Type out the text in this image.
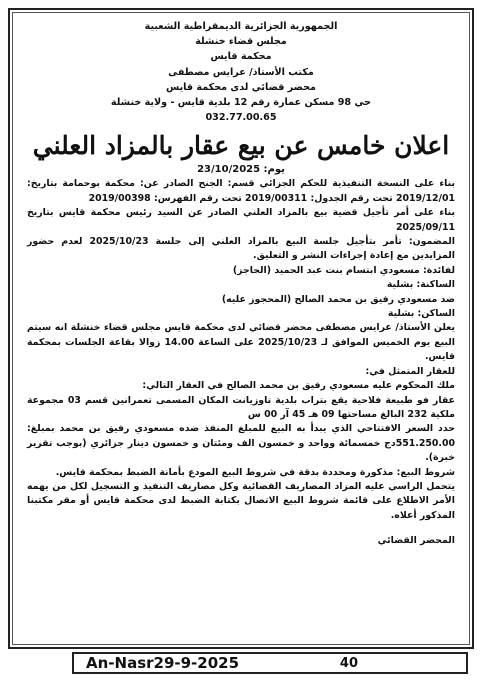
الجمهورية الجزائرية الديمقراطية الشعبية
مجلس قضاء خنشلة
محكمة قايس
مكتب الأستاذ/ عرايس مصطفى
محضر قضائي لدى محكمة قايس
حي 98 مسكن عمارة رقم 12 بلدية قايس - ولاية خنشلة
032.77.00.65
اعلان خامس عن بيع عقار بالمزاد العلني
يوم: 23/10/2025

بناء على النسخة التنفيذية للحكم الجزائي قسم: الجنح الصادر عن: محكمة بوحمامة بتاريخ: 2019/12/01 تحت رقم الجدول: 2019/00311 تحت رقم الفهرس: 2019/00398

بناء على أمر تأجيل قضية بيع بالمزاد العلني الصادر عن السيد رئيس محكمة قايس بتاريخ 2025/09/11

المضمون: تأمر بتأجيل جلسة البيع بالمزاد العلني إلى جلسة 2025/10/23 لعدم حضور المزايدين مع إعادة إجراءات النشر و التعليق.

لفائدة: مسعودي ابتسام بنت عبد الحميد (الحاجز)

الساكنة: بشلية

ضد مسعودي رفيق بن محمد الصالح (المحجوز عليه)

الساكن: بشلية

يعلن الأستاذ/ عرايس مصطفى محضر قضائي لدى محكمة قايس مجلس قضاء خنشلة انه سيتم البيع يوم الخميس الموافق لـ 2025/10/23 على الساعة 14.00 زوالا بقاعة الجلسات بمحكمة قايس.

للعقار المتمثل في:

ملك المحكوم عليه مسعودي رفيق بن محمد الصالح في العقار التالي:

عقار فو طبيعة فلاحية يقع بتراب بلدية تاوزيانت المكان المسمى تعمرانين قسم 03 مجموعة ملكية 232 البالغ مساحتها 09 هـ 45 آر 00 س

حدد السعر الافتتاحي الذي يبدأ به البيع للمبلغ المنفذ ضده مسعودي رفيق بن محمد بمبلغ: 551.250.00دج خمسمائة وواحد و خمسون الف ومئتان و خمسون دينار جزائري (بوجب تقرير خبرة).

شروط البيع: مذكورة ومحددة بدقة في شروط البيع المودع بأمانة الضبط بمحكمة قايس.

يتحمل الراسي عليه المزاد المصاريف القضائية وكل مصاريف التنفيذ و التسجيل لكل من يهمه الأمر الاطلاع على قائمة شروط البيع الاتصال بكتابة الضبط لدى محكمة قايس أو مقر مكتبنا المذكور أعلاه.

المحضر القضائي
An-Nasr29-9-2025	40
